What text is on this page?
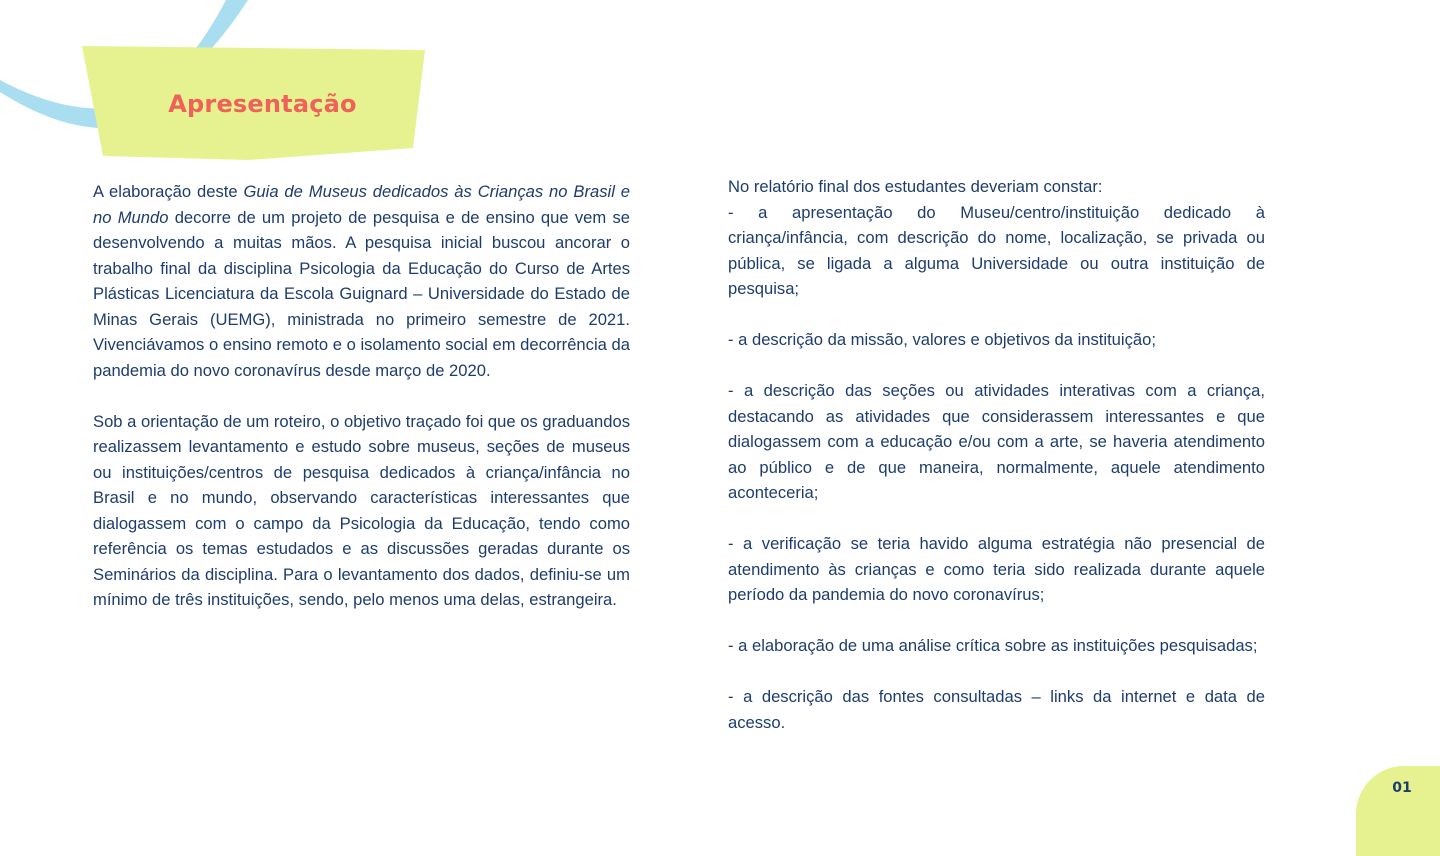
Apresentação

A elaboração deste Guia de Museus dedicados às Crianças no Brasil e no Mundo decorre de um projeto de pesquisa e de ensino que vem se desenvolvendo a muitas mãos. A pesquisa inicial buscou ancorar o trabalho final da disciplina Psicologia da Educação do Curso de Artes Plásticas Licenciatura da Escola Guignard – Universidade do Estado de Minas Gerais (UEMG), ministrada no primeiro semestre de 2021. Vivenciávamos o ensino remoto e o isolamento social em decorrência da pandemia do novo coronavírus desde março de 2020.

Sob a orientação de um roteiro, o objetivo traçado foi que os graduandos realizassem levantamento e estudo sobre museus, seções de museus ou instituições/centros de pesquisa dedicados à criança/infância no Brasil e no mundo, observando características interessantes que dialogassem com o campo da Psicologia da Educação, tendo como referência os temas estudados e as discussões geradas durante os Seminários da disciplina. Para o levantamento dos dados, definiu-se um mínimo de três instituições, sendo, pelo menos uma delas, estrangeira.

No relatório final dos estudantes deveriam constar:

- a apresentação do Museu/centro/instituição dedicado à criança/infância, com descrição do nome, localização, se privada ou pública, se ligada a alguma Universidade ou outra instituição de pesquisa;

- a descrição da missão, valores e objetivos da instituição;

- a descrição das seções ou atividades interativas com a criança, destacando as atividades que considerassem interessantes e que dialogassem com a educação e/ou com a arte, se haveria atendimento ao público e de que maneira, normalmente, aquele atendimento aconteceria;

- a verificação se teria havido alguma estratégia não presencial de atendimento às crianças e como teria sido realizada durante aquele período da pandemia do novo coronavírus;

- a elaboração de uma análise crítica sobre as instituições pesquisadas;

- a descrição das fontes consultadas – links da internet e data de acesso.

01
